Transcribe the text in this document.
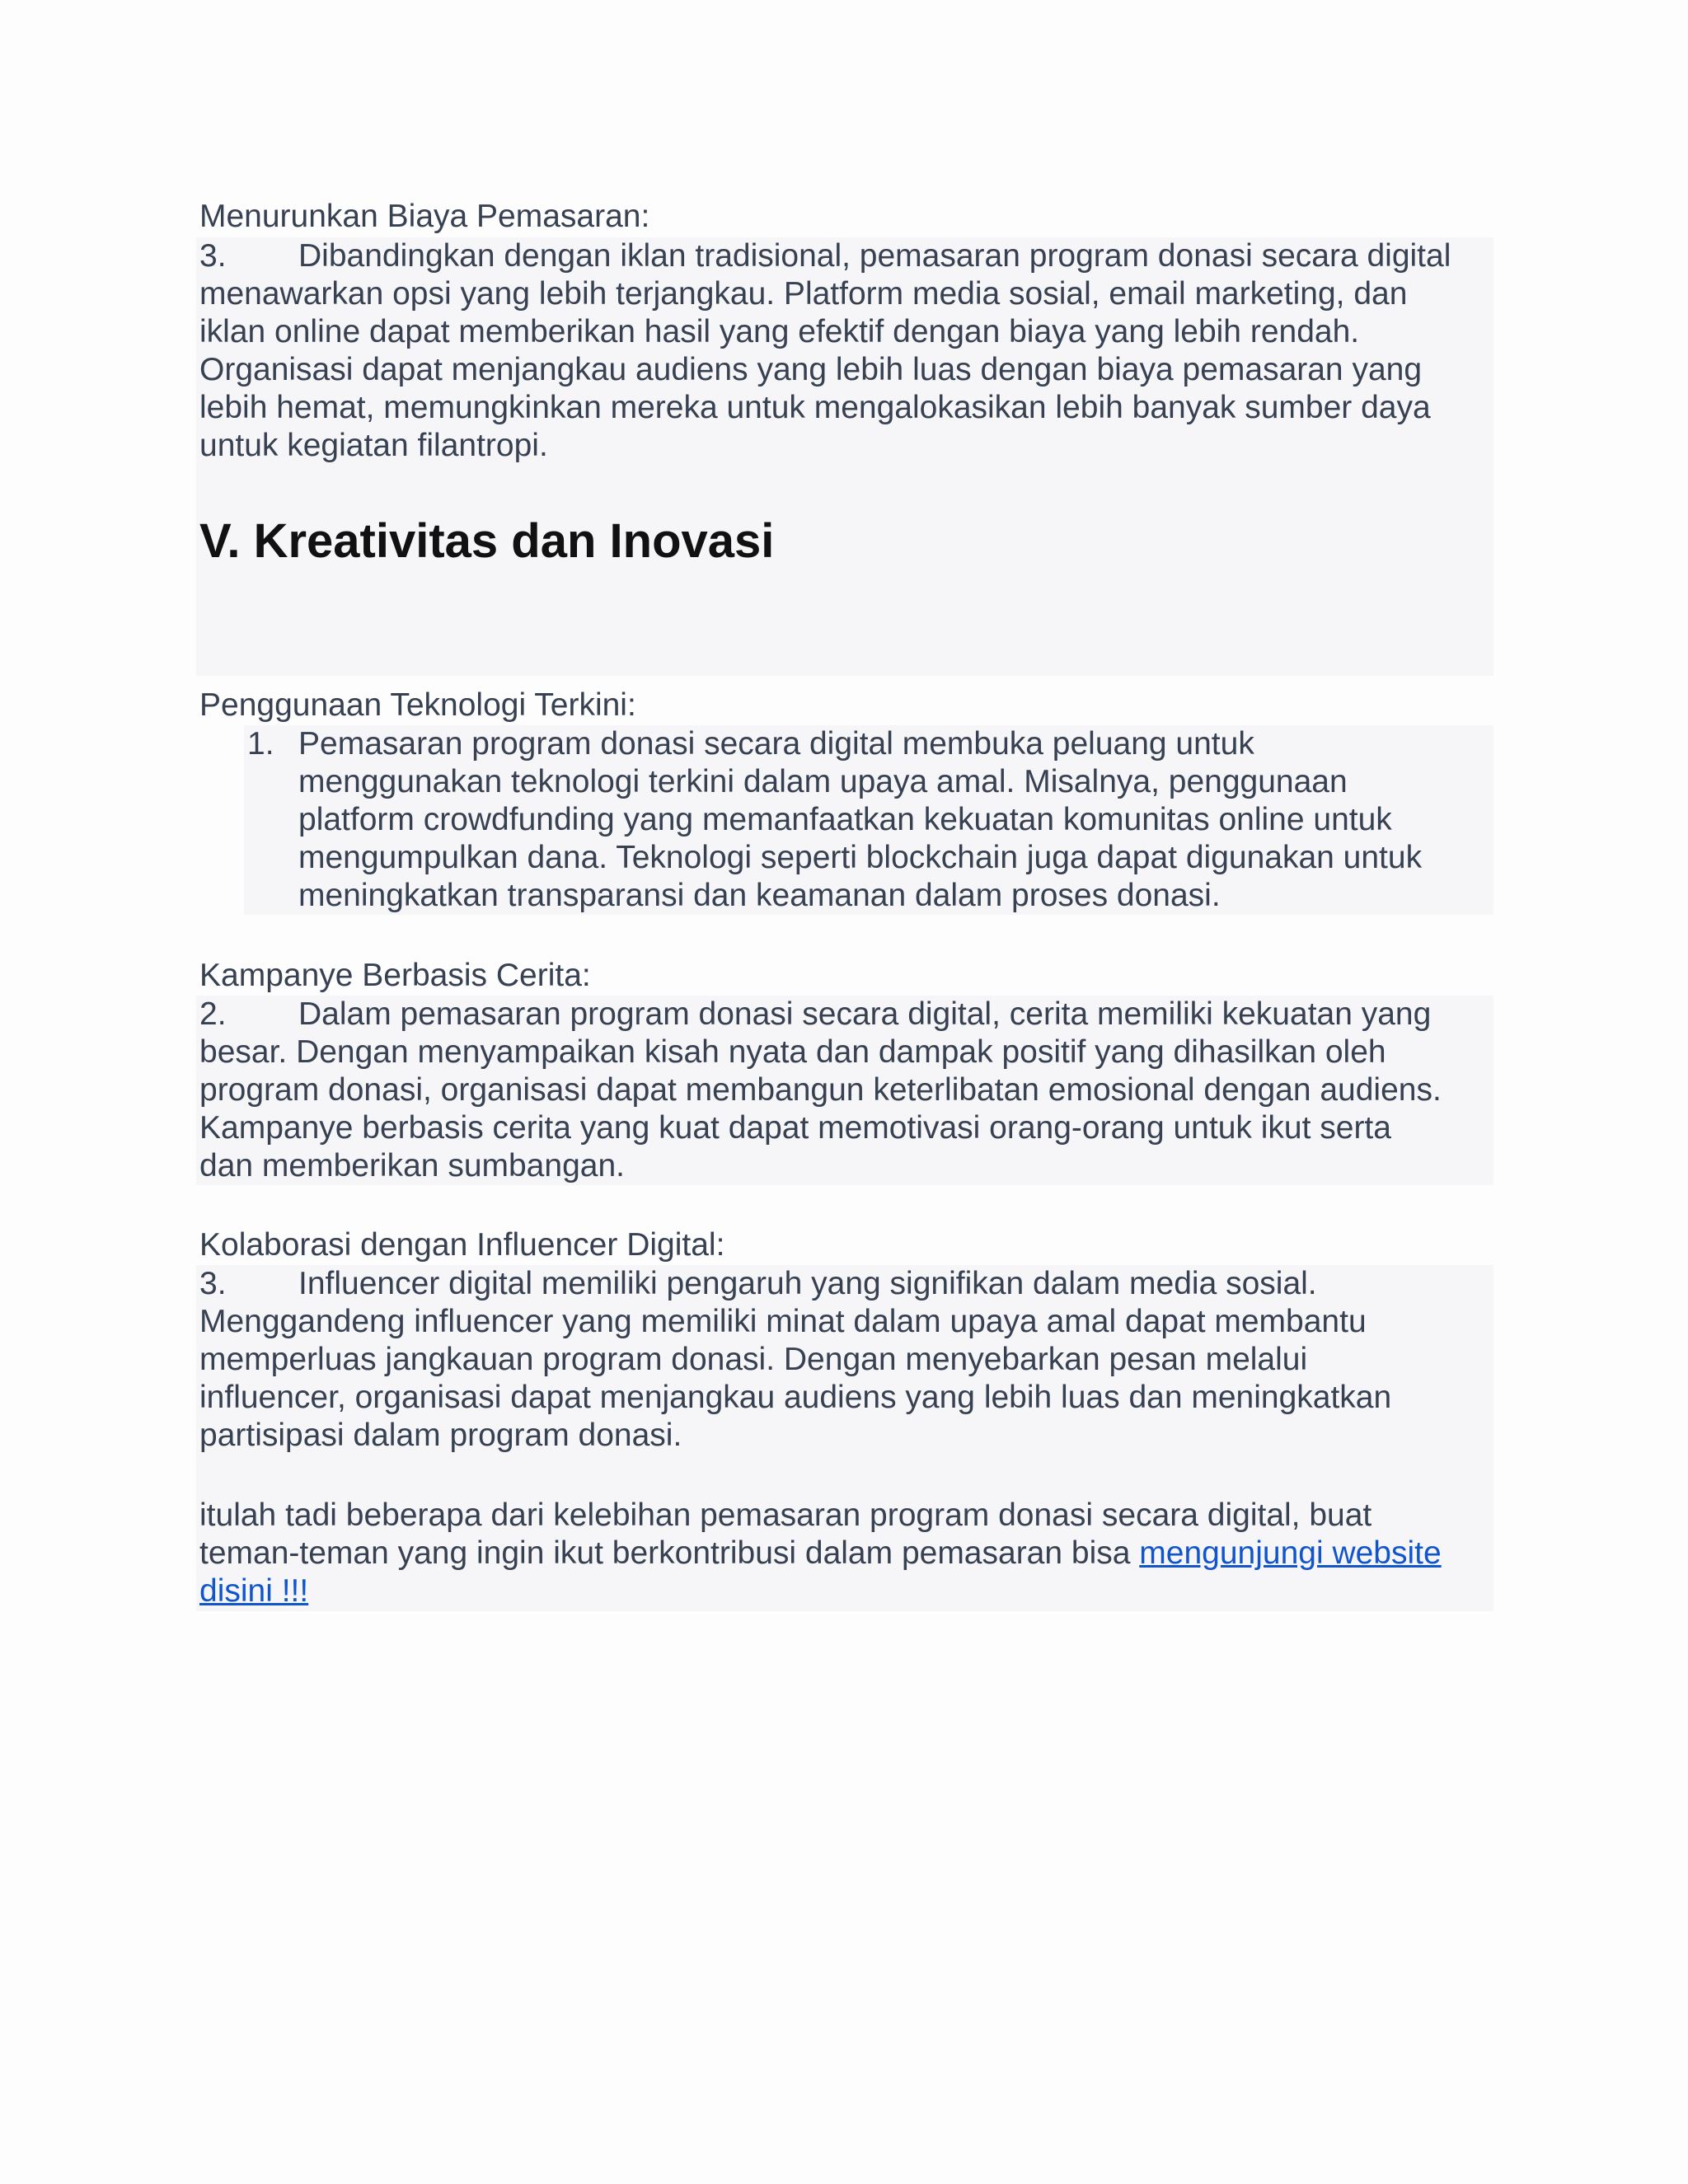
Menurunkan Biaya Pemasaran:
3. Dibandingkan dengan iklan tradisional, pemasaran program donasi secara digital
menawarkan opsi yang lebih terjangkau. Platform media sosial, email marketing, dan
iklan online dapat memberikan hasil yang efektif dengan biaya yang lebih rendah.
Organisasi dapat menjangkau audiens yang lebih luas dengan biaya pemasaran yang
lebih hemat, memungkinkan mereka untuk mengalokasikan lebih banyak sumber daya
untuk kegiatan filantropi.
V. Kreativitas dan Inovasi
Penggunaan Teknologi Terkini:
1. Pemasaran program donasi secara digital membuka peluang untuk
menggunakan teknologi terkini dalam upaya amal. Misalnya, penggunaan
platform crowdfunding yang memanfaatkan kekuatan komunitas online untuk
mengumpulkan dana. Teknologi seperti blockchain juga dapat digunakan untuk
meningkatkan transparansi dan keamanan dalam proses donasi.
Kampanye Berbasis Cerita:
2. Dalam pemasaran program donasi secara digital, cerita memiliki kekuatan yang
besar. Dengan menyampaikan kisah nyata dan dampak positif yang dihasilkan oleh
program donasi, organisasi dapat membangun keterlibatan emosional dengan audiens.
Kampanye berbasis cerita yang kuat dapat memotivasi orang-orang untuk ikut serta
dan memberikan sumbangan.
Kolaborasi dengan Influencer Digital:
3. Influencer digital memiliki pengaruh yang signifikan dalam media sosial.
Menggandeng influencer yang memiliki minat dalam upaya amal dapat membantu
memperluas jangkauan program donasi. Dengan menyebarkan pesan melalui
influencer, organisasi dapat menjangkau audiens yang lebih luas dan meningkatkan
partisipasi dalam program donasi.
itulah tadi beberapa dari kelebihan pemasaran program donasi secara digital, buat
teman-teman yang ingin ikut berkontribusi dalam pemasaran bisa mengunjungi website
disini !!!
